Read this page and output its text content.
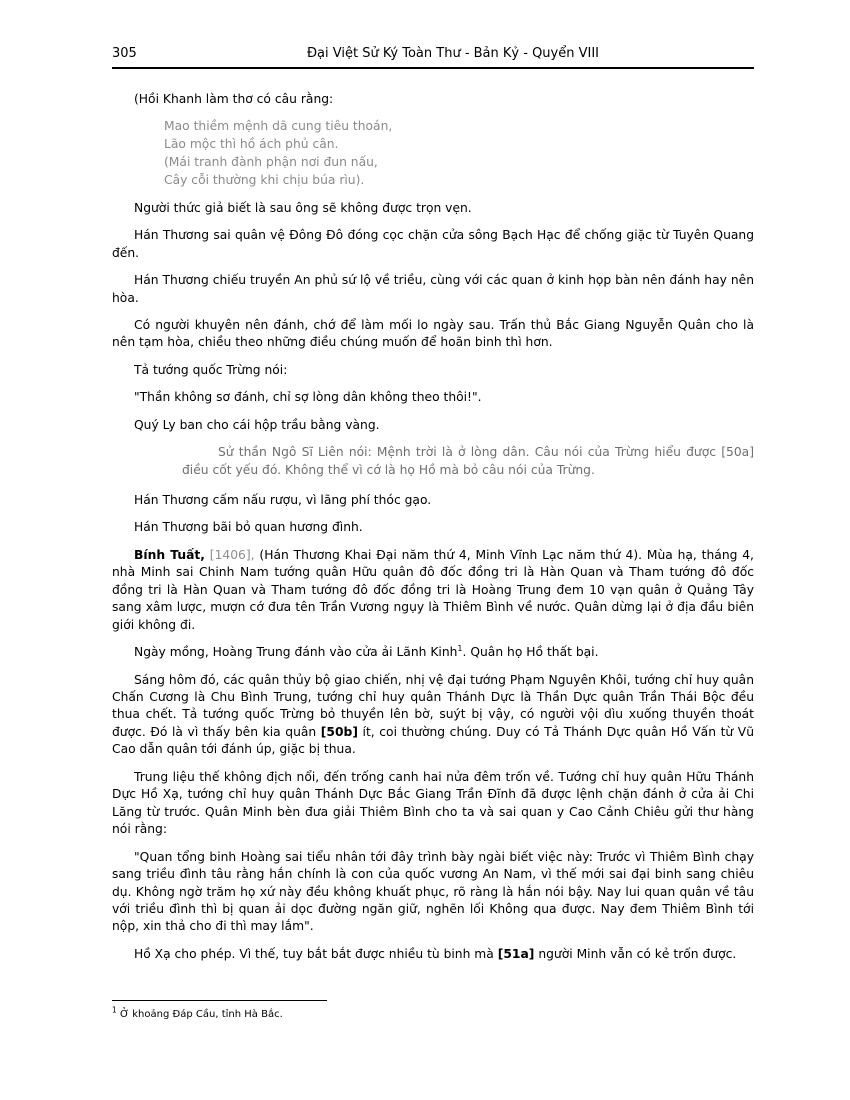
305	Đại Việt Sử Ký Toàn Thư - Bản Kỷ - Quyển VIII

(Hồi Khanh làm thơ có câu rằng:

Mao thiềm mệnh dã cung tiêu thoán,
Lão mộc thì hồ ách phủ cân.
(Mái tranh đành phận nơi đun nấu,
Cây cỗi thường khi chịu búa rìu).

Người thức giả biết là sau ông sẽ không được trọn vẹn.

Hán Thương sai quân vệ Đông Đô đóng cọc chặn cửa sông Bạch Hạc để chống giặc từ Tuyên Quang đến.

Hán Thương chiếu truyền An phủ sứ lộ về triều, cùng với các quan ở kinh họp bàn nên đánh hay nên hòa.

Có người khuyên nên đánh, chớ để làm mối lo ngày sau. Trấn thủ Bắc Giang Nguyễn Quân cho là nên tạm hòa, chiều theo những điều chúng muốn để hoãn binh thì hơn.

Tả tướng quốc Trừng nói:

"Thần không sơ đánh, chỉ sợ lòng dân không theo thôi!".

Quý Ly ban cho cái hộp trầu bằng vàng.

Sử thần Ngô Sĩ Liên nói: Mệnh trời là ở lòng dân. Câu nói của Trừng hiểu được [50a] điều cốt yếu đó. Không thể vì cớ là họ Hồ mà bỏ câu nói của Trừng.

Hán Thương cấm nấu rượu, vì lãng phí thóc gạo.

Hán Thương bãi bỏ quan hương đình.

Bính Tuất, [1406], (Hán Thương Khai Đại năm thứ 4, Minh Vĩnh Lạc năm thứ 4). Mùa hạ, tháng 4, nhà Minh sai Chinh Nam tướng quân Hữu quân đô đốc đồng tri là Hàn Quan và Tham tướng đô đốc đồng tri là Hàn Quan và Tham tướng đô đốc đồng tri là Hoàng Trung đem 10 vạn quân ở Quảng Tây sang xâm lược, mượn cớ đưa tên Trần Vương ngụy là Thiêm Bình về nước. Quân dừng lại ở địa đầu biên giới không đi.

Ngày mồng, Hoàng Trung đánh vào cửa ải Lãnh Kinh$^1$. Quân họ Hồ thất bại.

Sáng hôm đó, các quân thủy bộ giao chiến, nhị vệ đại tướng Phạm Nguyên Khôi, tướng chỉ huy quân Chấn Cương là Chu Bình Trung, tướng chỉ huy quân Thánh Dực là Thần Dực quân Trần Thái Bộc đều thua chết. Tả tướng quốc Trừng bỏ thuyền lên bờ, suýt bị vậy, có người vội dìu xuống thuyền thoát được. Đó là vì thấy bên kia quân [50b] ít, coi thường chúng. Duy có Tả Thánh Dực quân Hồ Vấn từ Vũ Cao dẫn quân tới đánh úp, giặc bị thua.

Trung liệu thế không địch nổi, đến trống canh hai nửa đêm trốn về. Tướng chỉ huy quân Hữu Thánh Dực Hồ Xạ, tướng chỉ huy quân Thánh Dực Bắc Giang Trần Đĩnh đã được lệnh chặn đánh ở cửa ải Chi Lăng từ trước. Quân Minh bèn đưa giải Thiêm Bình cho ta và sai quan y Cao Cảnh Chiêu gửi thư hàng nói rằng:

"Quan tổng binh Hoàng sai tiểu nhân tới đây trình bày ngài biết việc này: Trước vì Thiêm Bình chạy sang triều đình tâu rằng hắn chính là con của quốc vương An Nam, vì thế mới sai đại binh sang chiêu dụ. Không ngờ trăm họ xứ này đều không khuất phục, rõ ràng là hắn nói bậy. Nay lui quan quân về tâu với triều đình thì bị quan ải dọc đường ngăn giữ, nghẽn lối Không qua được. Nay đem Thiêm Bình tới nộp, xin thả cho đi thì may lắm".

Hồ Xạ cho phép. Vì thế, tuy bắt bắt được nhiều tù binh mà [51a] người Minh vẫn có kẻ trốn được.

$^1$ Ở khoảng Đáp Cầu, tỉnh Hà Bắc.
